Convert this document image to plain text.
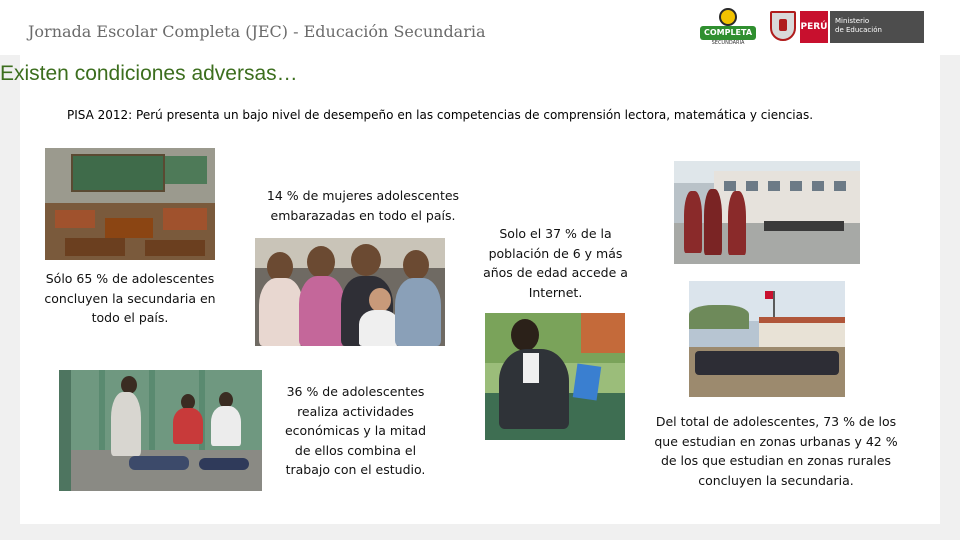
Jornada Escolar Completa (JEC) - Educación Secundaria	COMPLETA
SECUNDARIA
PERÚ
Ministerio
de Educación
Existen condiciones adversas…
PISA 2012: Perú presenta un bajo nivel de desempeño en las competencias de comprensión lectora, matemática y ciencias.
Sólo 65 % de adolescentes concluyen la secundaria en todo el país.
14 % de mujeres adolescentes embarazadas en todo el país.
Solo el 37 % de la población de 6 y más años de edad accede a Internet.
36 % de adolescentes realiza actividades económicas y la mitad de ellos combina el trabajo con el estudio.
Del total de adolescentes, 73 % de los que estudian en zonas urbanas y 42 % de los que estudian en zonas rurales concluyen la secundaria.
